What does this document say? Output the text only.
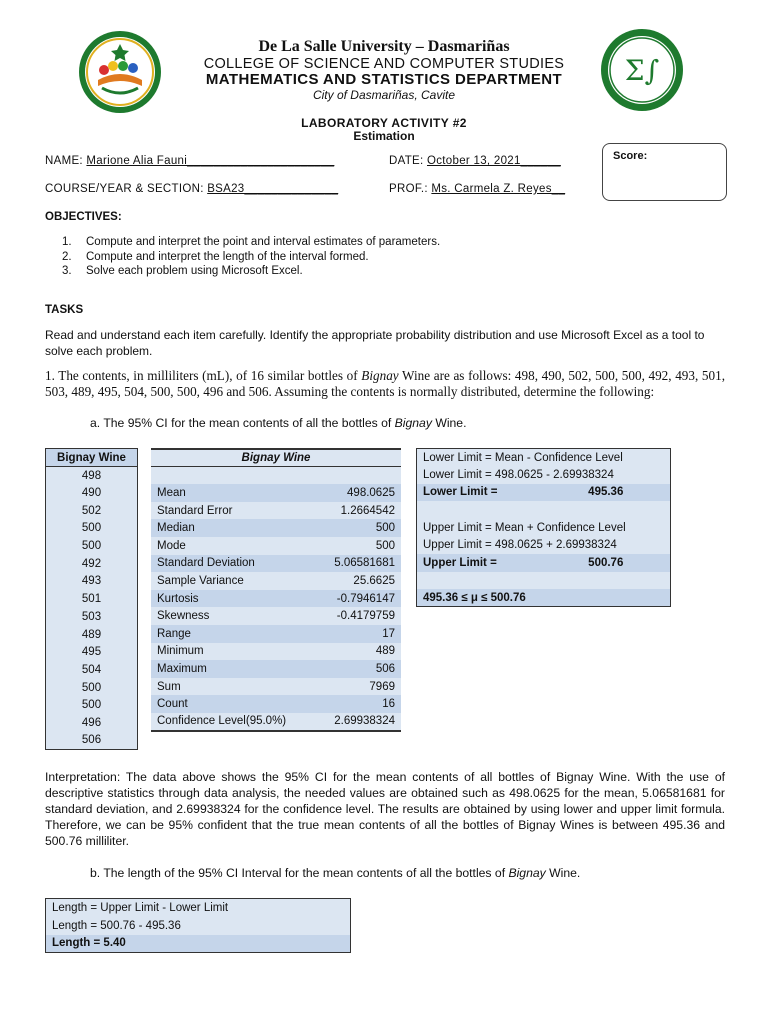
Σ∫
De La Salle University – Dasmariñas
COLLEGE OF SCIENCE AND COMPUTER STUDIES
MATHEMATICS AND STATISTICS DEPARTMENT
City of Dasmariñas, Cavite
LABORATORY ACTIVITY #2
Estimation
NAME: Marione Alia Fauni______________________	DATE: October 13, 2021______
COURSE/YEAR & SECTION: BSA23______________	PROF.: Ms. Carmela Z. Reyes__
Score:
OBJECTIVES:
1.	Compute and interpret the point and interval estimates of parameters.
2.	Compute and interpret the length of the interval formed.
3.	Solve each problem using Microsoft Excel.
TASKS
Read and understand each item carefully. Identify the appropriate probability distribution and use Microsoft Excel as a tool to solve each problem.
1. The contents, in milliliters (mL), of 16 similar bottles of Bignay Wine are as follows: 498, 490, 502, 500, 500, 492, 493, 501, 503, 489, 495, 504, 500, 500, 496 and 506. Assuming the contents is normally distributed, determine the following:
a. The 95% CI for the mean contents of all the bottles of Bignay Wine.
Bignay Wine
498
490
502
500
500
492
493
501
503
489
495
504
500
500
496
506
Bignay Wine	

Mean	498.0625
Standard Error	1.2664542
Median	500
Mode	500
Standard Deviation	5.06581681
Sample Variance	25.6625
Kurtosis	-0.7946147
Skewness	-0.4179759
Range	17
Minimum	489
Maximum	506
Sum	7969
Count	16
Confidence Level(95.0%)	2.69938324
Lower Limit = Mean - Confidence Level	
Lower Limit = 498.0625 - 2.69938324	
Lower Limit =	495.36

Upper Limit = Mean + Confidence Level	
Upper Limit = 498.0625 + 2.69938324	
Upper Limit =	500.76

495.36 ≤ μ ≤ 500.76	
Interpretation: The data above shows the 95% CI for the mean contents of all bottles of Bignay Wine. With the use of descriptive statistics through data analysis, the needed values are obtained such as 498.0625 for the mean, 5.06581681 for standard deviation, and 2.69938324 for the confidence level. The results are obtained by using lower and upper limit formula. Therefore, we can be 95% confident that the true mean contents of all the bottles of Bignay Wines is between 495.36 and 500.76 milliliter.
b. The length of the 95% CI Interval for the mean contents of all the bottles of Bignay Wine.
Length = Upper Limit - Lower Limit
Length = 500.76 - 495.36
Length = 5.40
